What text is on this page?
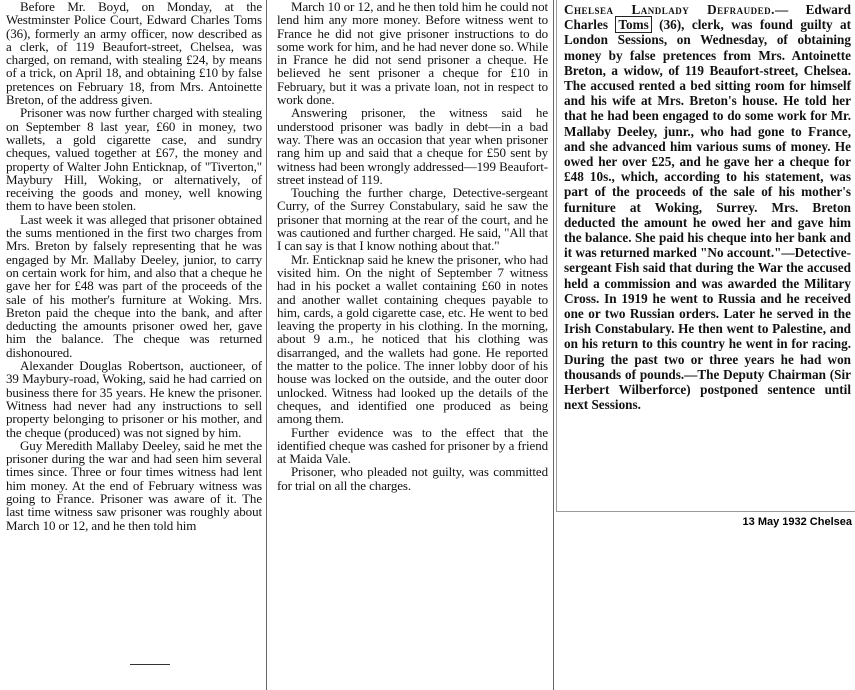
Before Mr. Boyd, on Monday, at the Westminster Police Court, Edward Charles Toms (36), formerly an army officer, now described as a clerk, of 119 Beaufort-street, Chelsea, was charged, on remand, with stealing £24, by means of a trick, on April 18, and obtaining £10 by false pretences on February 18, from Mrs. Antoinette Breton, of the address given.

Prisoner was now further charged with stealing on September 8 last year, £60 in money, two wallets, a gold cigarette case, and sundry cheques, valued together at £67, the money and property of Walter John Enticknap, of "Tiverton," Maybury Hill, Woking, or alternatively, of receiving the goods and money, well knowing them to have been stolen.

Last week it was alleged that prisoner obtained the sums mentioned in the first two charges from Mrs. Breton by falsely representing that he was engaged by Mr. Mallaby Deeley, junior, to carry on certain work for him, and also that a cheque he gave her for £48 was part of the proceeds of the sale of his mother's furniture at Woking. Mrs. Breton paid the cheque into the bank, and after deducting the amounts prisoner owed her, gave him the balance. The cheque was returned dishonoured.

Alexander Douglas Robertson, auctioneer, of 39 Maybury-road, Woking, said he had carried on business there for 35 years. He knew the prisoner. Witness had never had any instructions to sell property belonging to prisoner or his mother, and the cheque (produced) was not signed by him.

Guy Meredith Mallaby Deeley, said he met the prisoner during the war and had seen him several times since. Three or four times witness had lent him money. At the end of February witness was going to France. Prisoner was aware of it. The last time witness saw prisoner was roughly about March 10 or 12, and he then told him

March 10 or 12, and he then told him he could not lend him any more money. Before witness went to France he did not give prisoner instructions to do some work for him, and he had never done so. While in France he did not send prisoner a cheque. He believed he sent prisoner a cheque for £10 in February, but it was a private loan, not in respect to work done.

Answering prisoner, the witness said he understood prisoner was badly in debt—in a bad way. There was an occasion that year when prisoner rang him up and said that a cheque for £50 sent by witness had been wrongly addressed—199 Beaufort-street instead of 119.

Touching the further charge, Detective-sergeant Curry, of the Surrey Constabulary, said he saw the prisoner that morning at the rear of the court, and he was cautioned and further charged. He said, "All that I can say is that I know nothing about that."

Mr. Enticknap said he knew the prisoner, who had visited him. On the night of September 7 witness had in his pocket a wallet containing £60 in notes and another wallet containing cheques payable to him, cards, a gold cigarette case, etc. He went to bed leaving the property in his clothing. In the morning, about 9 a.m., he noticed that his clothing was disarranged, and the wallets had gone. He reported the matter to the police. The inner lobby door of his house was locked on the outside, and the outer door unlocked. Witness had looked up the details of the cheques, and identified one produced as being among them.

Further evidence was to the effect that the identified cheque was cashed for prisoner by a friend at Maida Vale.

Prisoner, who pleaded not guilty, was committed for trial on all the charges.

Chelsea Landlady Defrauded.— Edward Charles Toms (36), clerk, was found guilty at London Sessions, on Wednesday, of obtaining money by false pretences from Mrs. Antoinette Breton, a widow, of 119 Beaufort-street, Chelsea. The accused rented a bed sitting room for himself and his wife at Mrs. Breton's house. He told her that he had been engaged to do some work for Mr. Mallaby Deeley, junr., who had gone to France, and she advanced him various sums of money. He owed her over £25, and he gave her a cheque for £48 10s., which, according to his statement, was part of the proceeds of the sale of his mother's furniture at Woking, Surrey. Mrs. Breton deducted the amount he owed her and gave him the balance. She paid his cheque into her bank and it was returned marked "No account."—Detective-sergeant Fish said that during the War the accused held a commission and was awarded the Military Cross. In 1919 he went to Russia and he received one or two Russian orders. Later he served in the Irish Constabulary. He then went to Palestine, and on his return to this country he went in for racing. During the past two or three years he had won thousands of pounds.—The Deputy Chairman (Sir Herbert Wilberforce) postponed sentence until next Sessions.

13 May 1932 Chelsea
